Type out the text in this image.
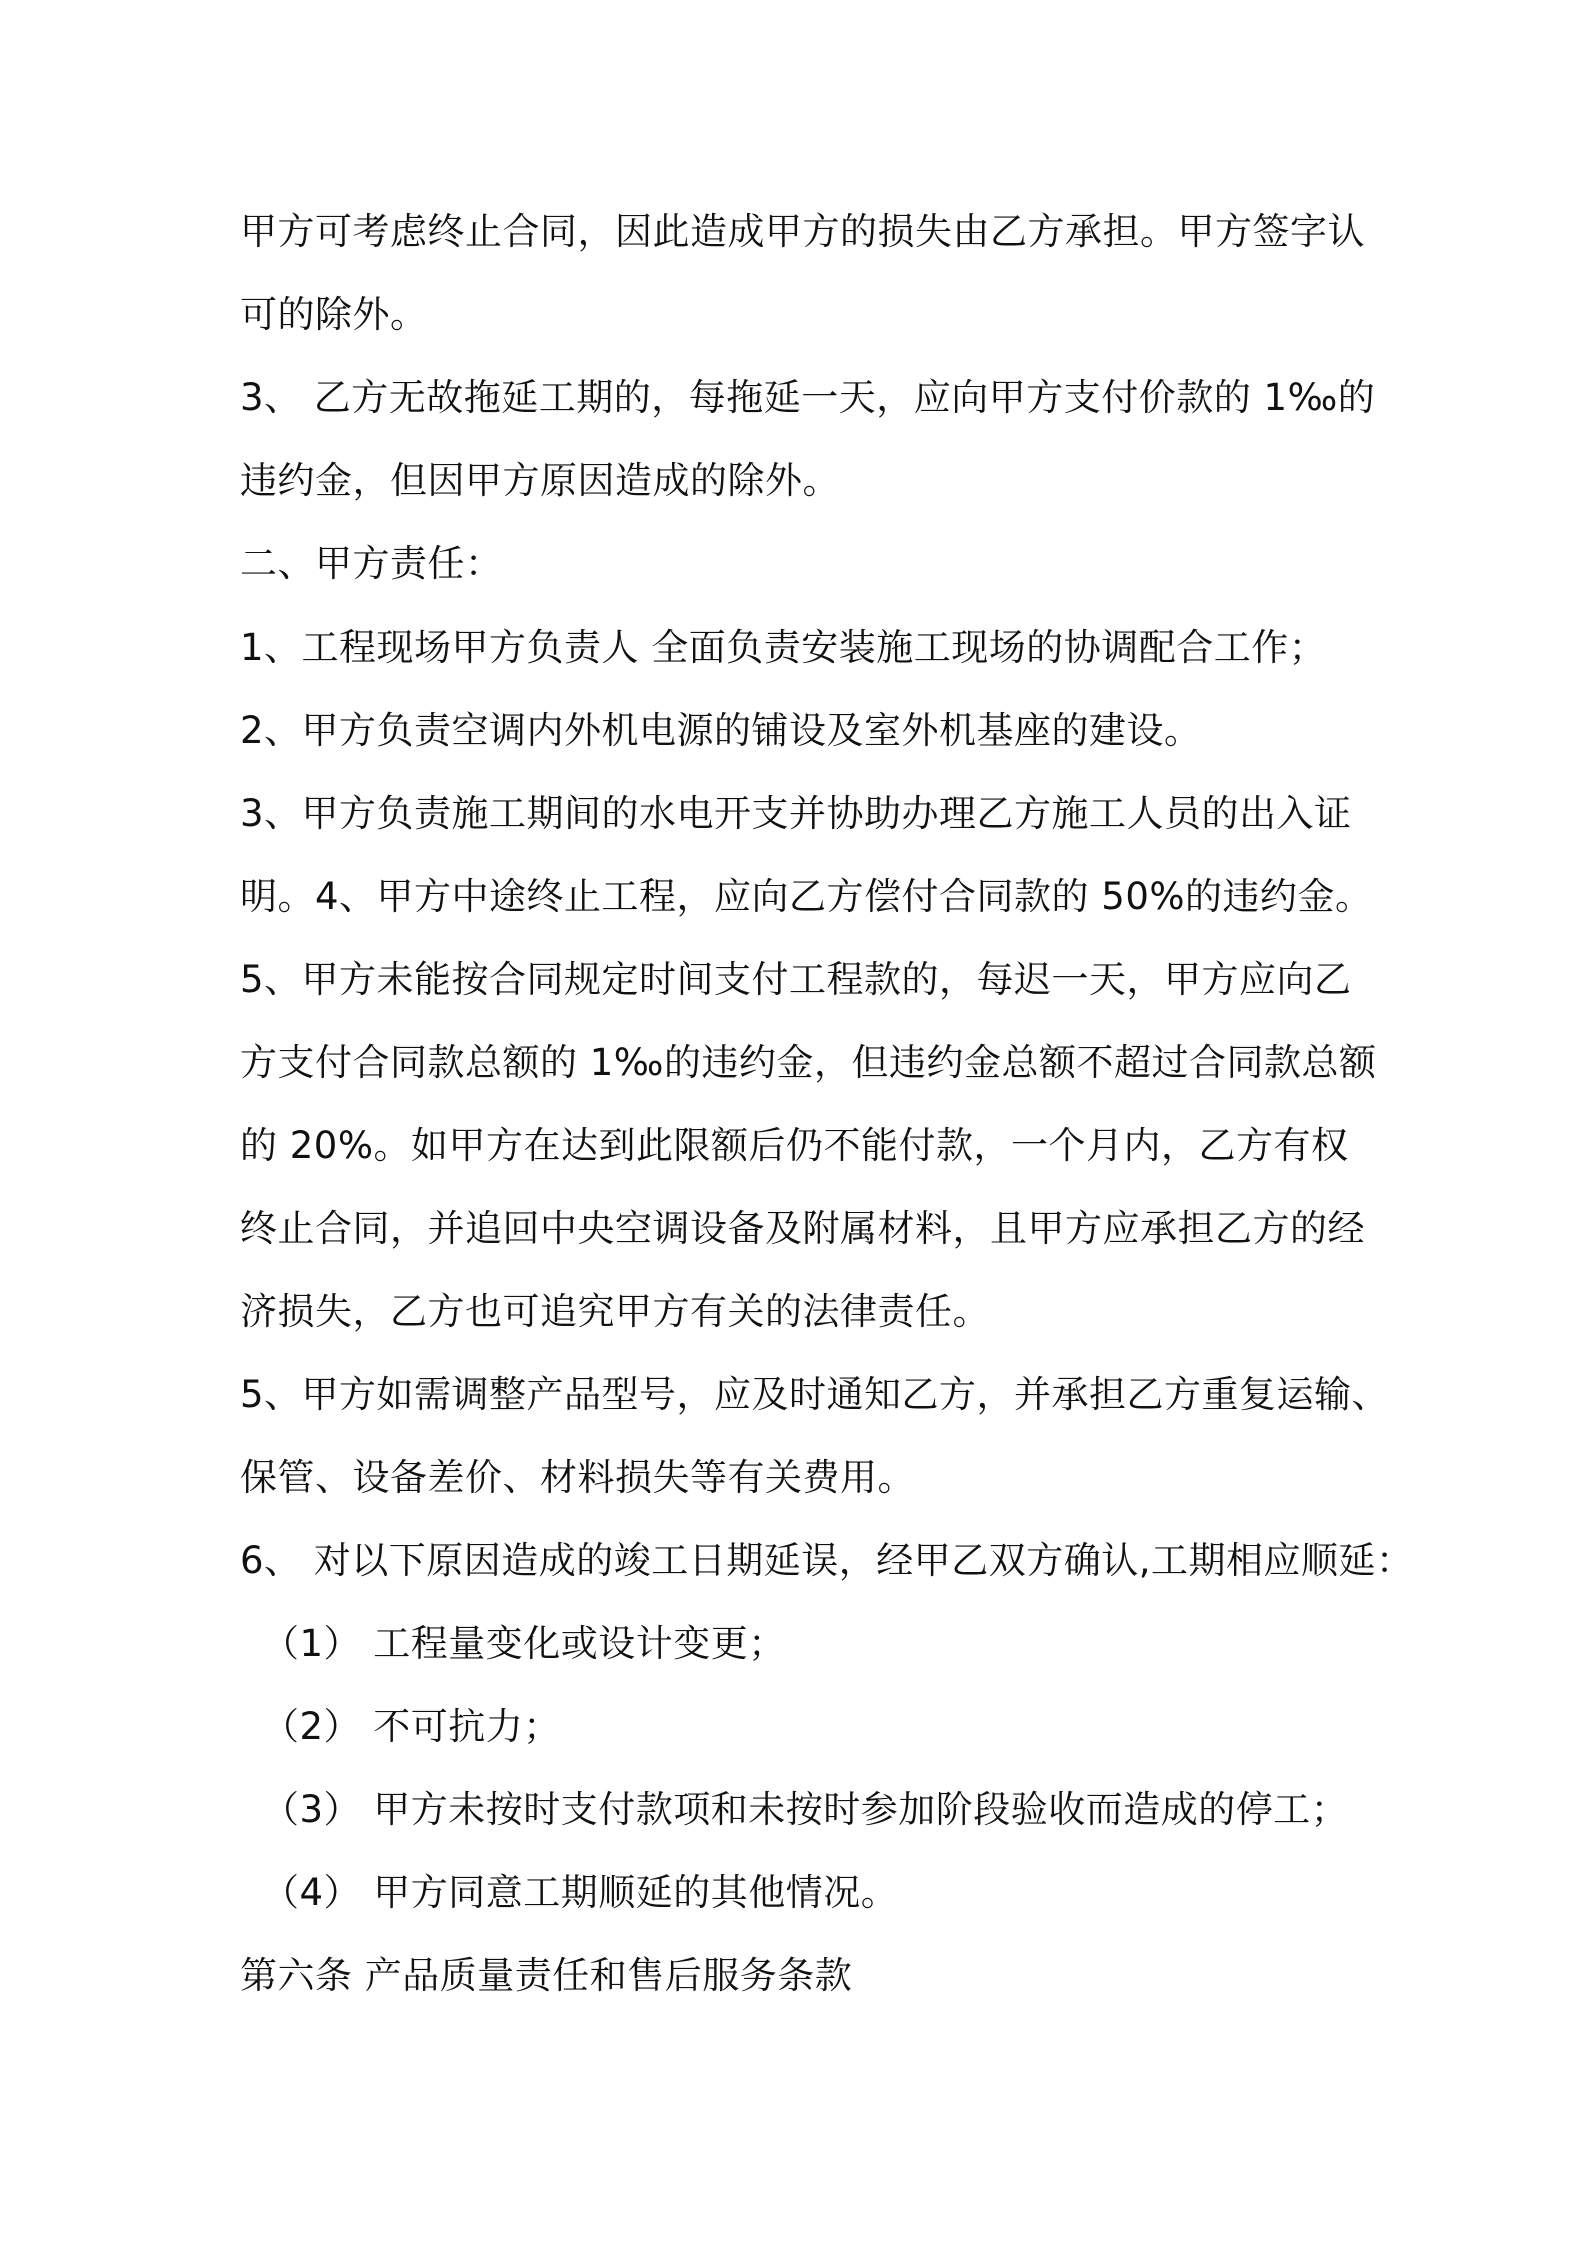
甲方可考虑终止合同，因此造成甲方的损失由乙方承担。甲方签字认
可的除外。
3、 乙方无故拖延工期的，每拖延一天，应向甲方支付价款的 1‰的
违约金，但因甲方原因造成的除外。
二、甲方责任：
1、工程现场甲方负责人 全面负责安装施工现场的协调配合工作；
2、甲方负责空调内外机电源的铺设及室外机基座的建设。
3、甲方负责施工期间的水电开支并协助办理乙方施工人员的出入证
明。4、甲方中途终止工程，应向乙方偿付合同款的 50%的违约金。
5、甲方未能按合同规定时间支付工程款的，每迟一天，甲方应向乙
方支付合同款总额的 1‰的违约金，但违约金总额不超过合同款总额
的 20%。如甲方在达到此限额后仍不能付款，一个月内，乙方有权
终止合同，并追回中央空调设备及附属材料，且甲方应承担乙方的经
济损失，乙方也可追究甲方有关的法律责任。
5、甲方如需调整产品型号，应及时通知乙方，并承担乙方重复运输、
保管、设备差价、材料损失等有关费用。
6、 对以下原因造成的竣工日期延误，经甲乙双方确认,工期相应顺延：
（1） 工程量变化或设计变更；
（2） 不可抗力；
（3） 甲方未按时支付款项和未按时参加阶段验收而造成的停工；
（4） 甲方同意工期顺延的其他情况。
第六条 产品质量责任和售后服务条款
